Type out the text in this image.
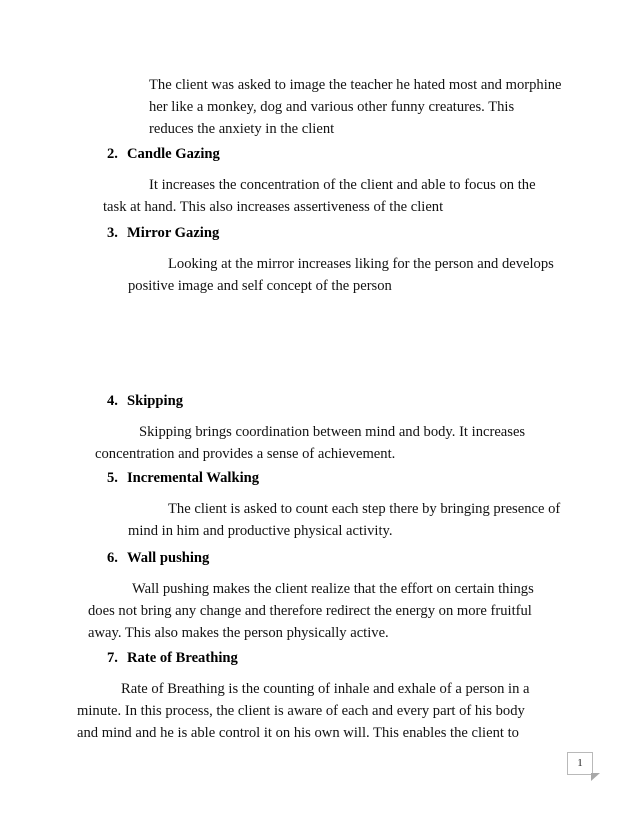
The client was asked to image the teacher he hated most and morphine
her like a monkey, dog and various other funny creatures. This
reduces the anxiety in the client
2. Candle Gazing
It increases the concentration of the client and able to focus on the
task at hand. This also increases assertiveness of the client
3. Mirror Gazing
Looking at the mirror increases liking for the person and develops
positive image and self concept of the person
4. Skipping
Skipping brings coordination between mind and body. It increases
concentration and provides a sense of achievement.
5. Incremental Walking
The client is asked to count each step there by bringing presence of
mind in him and productive physical activity.
6. Wall pushing
Wall pushing makes the client realize that the effort on certain things
does not bring any change and therefore redirect the energy on more fruitful
away. This also makes the person physically active.
7. Rate of Breathing
Rate of Breathing is the counting of inhale and exhale of a person in a
minute. In this process, the client is aware of each and every part of his body
and mind and he is able control it on his own will. This enables the client to
1
